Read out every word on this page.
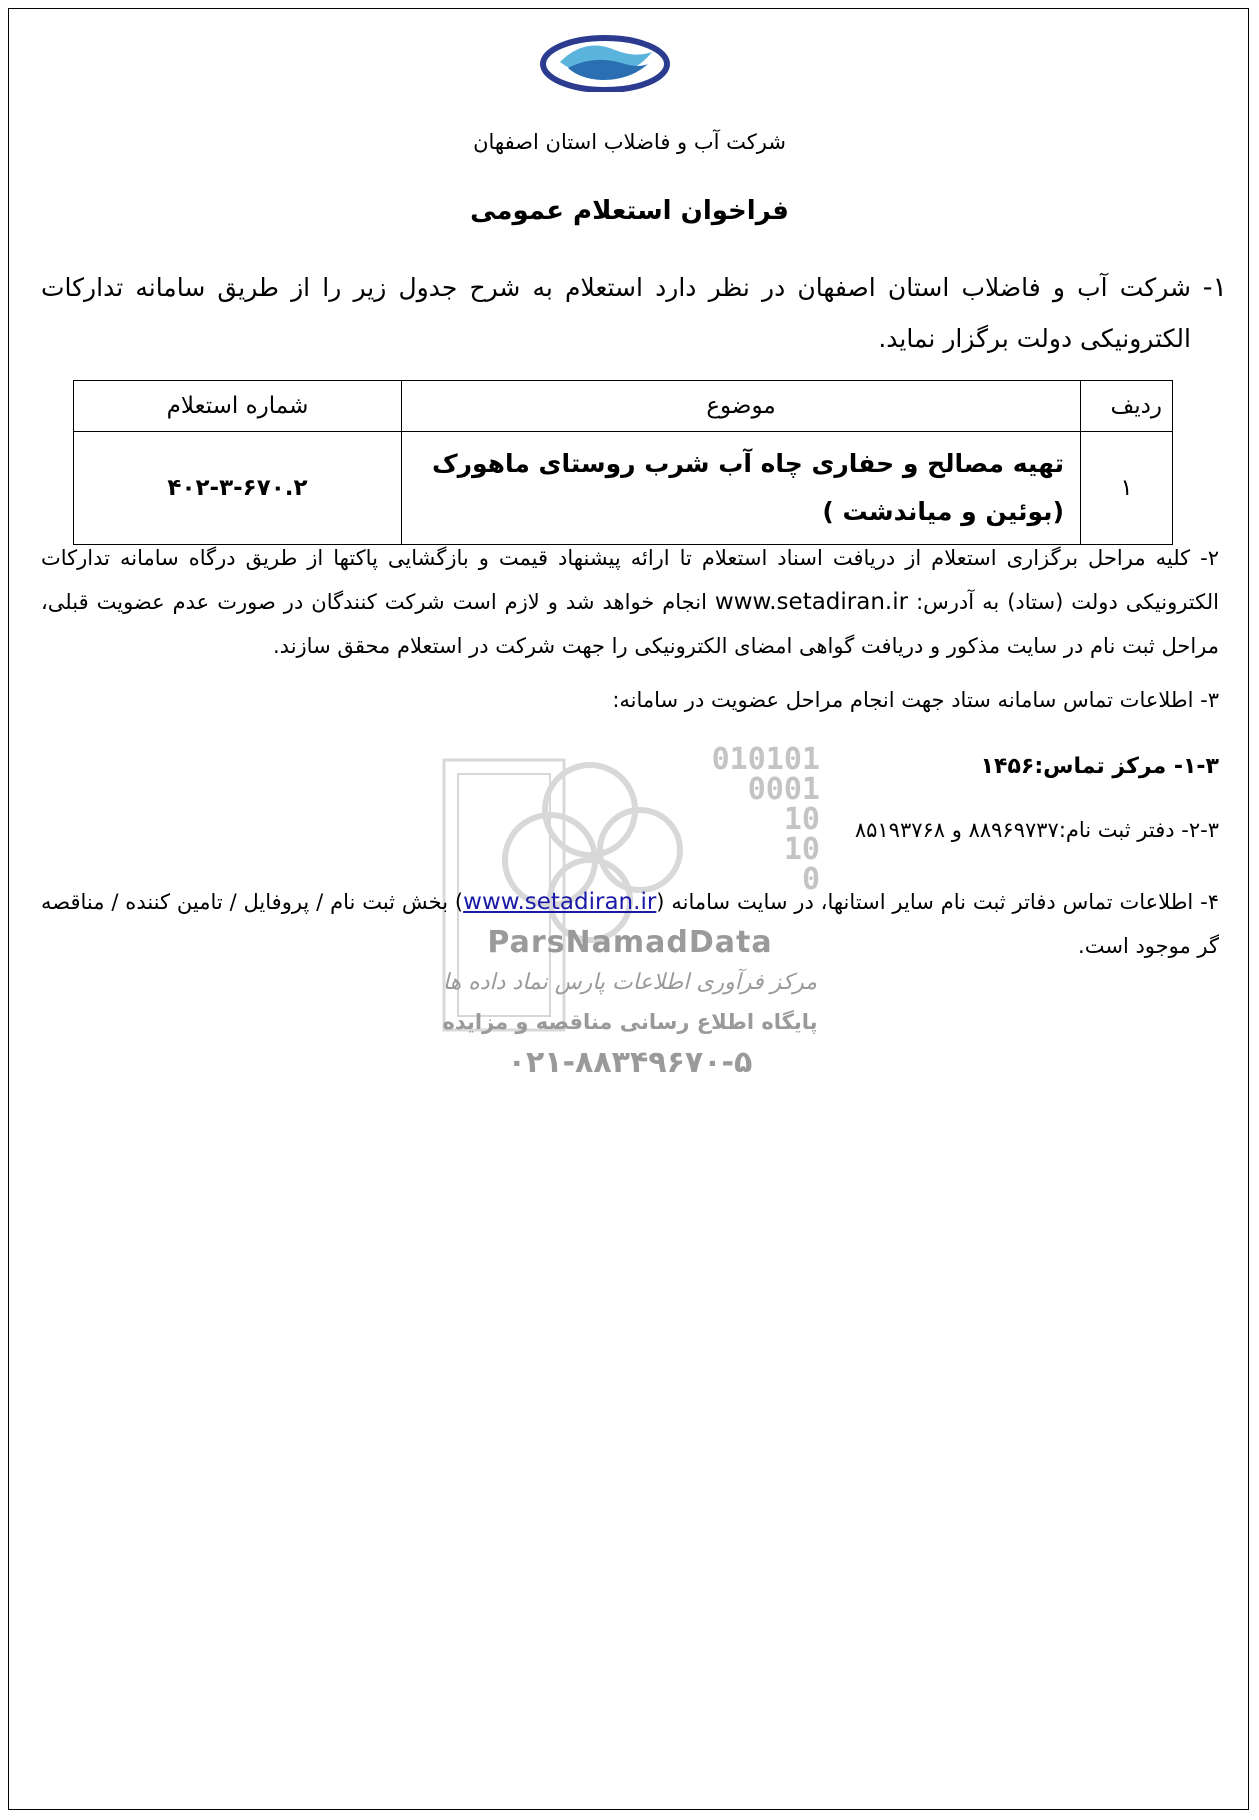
~~~~~~~~~~
شرکت آب و فاضلاب استان اصفهان
فراخوان استعلام عمومی
۱-
شرکت آب و فاضلاب استان اصفهان در نظر دارد استعلام به شرح جدول زیر را از طریق سامانه تدارکات الکترونیکی دولت برگزار نماید.
ردیف	موضوع	شماره استعلام
۱	تهیه مصالح و حفاری چاه آب شرب روستای ماهورک (بوئین و میاندشت )	۴۰۲-۳-۶۷۰.۲
010101
0001
10
10
0
ParsNamadData
مرکز فرآوری اطلاعات پارس نماد داده ها
پایگاه اطلاع رسانی مناقصه و مزایده
۰۲۱-۸۸۳۴۹۶۷۰-۵
۲- کلیه مراحل برگزاری استعلام از دریافت اسناد استعلام تا ارائه پیشنهاد قیمت و بازگشایی پاکتها از طریق درگاه سامانه تدارکات الکترونیکی دولت (ستاد) به آدرس: www.setadiran.ir انجام خواهد شد و لازم است شرکت کنندگان در صورت عدم عضویت قبلی، مراحل ثبت نام در سایت مذکور و دریافت گواهی امضای الکترونیکی را جهت شرکت در استعلام محقق سازند.
۳- اطلاعات تماس سامانه ستاد جهت انجام مراحل عضویت در سامانه:
۱-۳- مرکز تماس:۱۴۵۶
۲-۳- دفتر ثبت نام:۸۸۹۶۹۷۳۷ و ۸۵۱۹۳۷۶۸
۴- اطلاعات تماس دفاتر ثبت نام سایر استانها، در سایت سامانه (www.setadiran.ir) بخش ثبت نام / پروفایل / تامین کننده / مناقصه گر موجود است.
